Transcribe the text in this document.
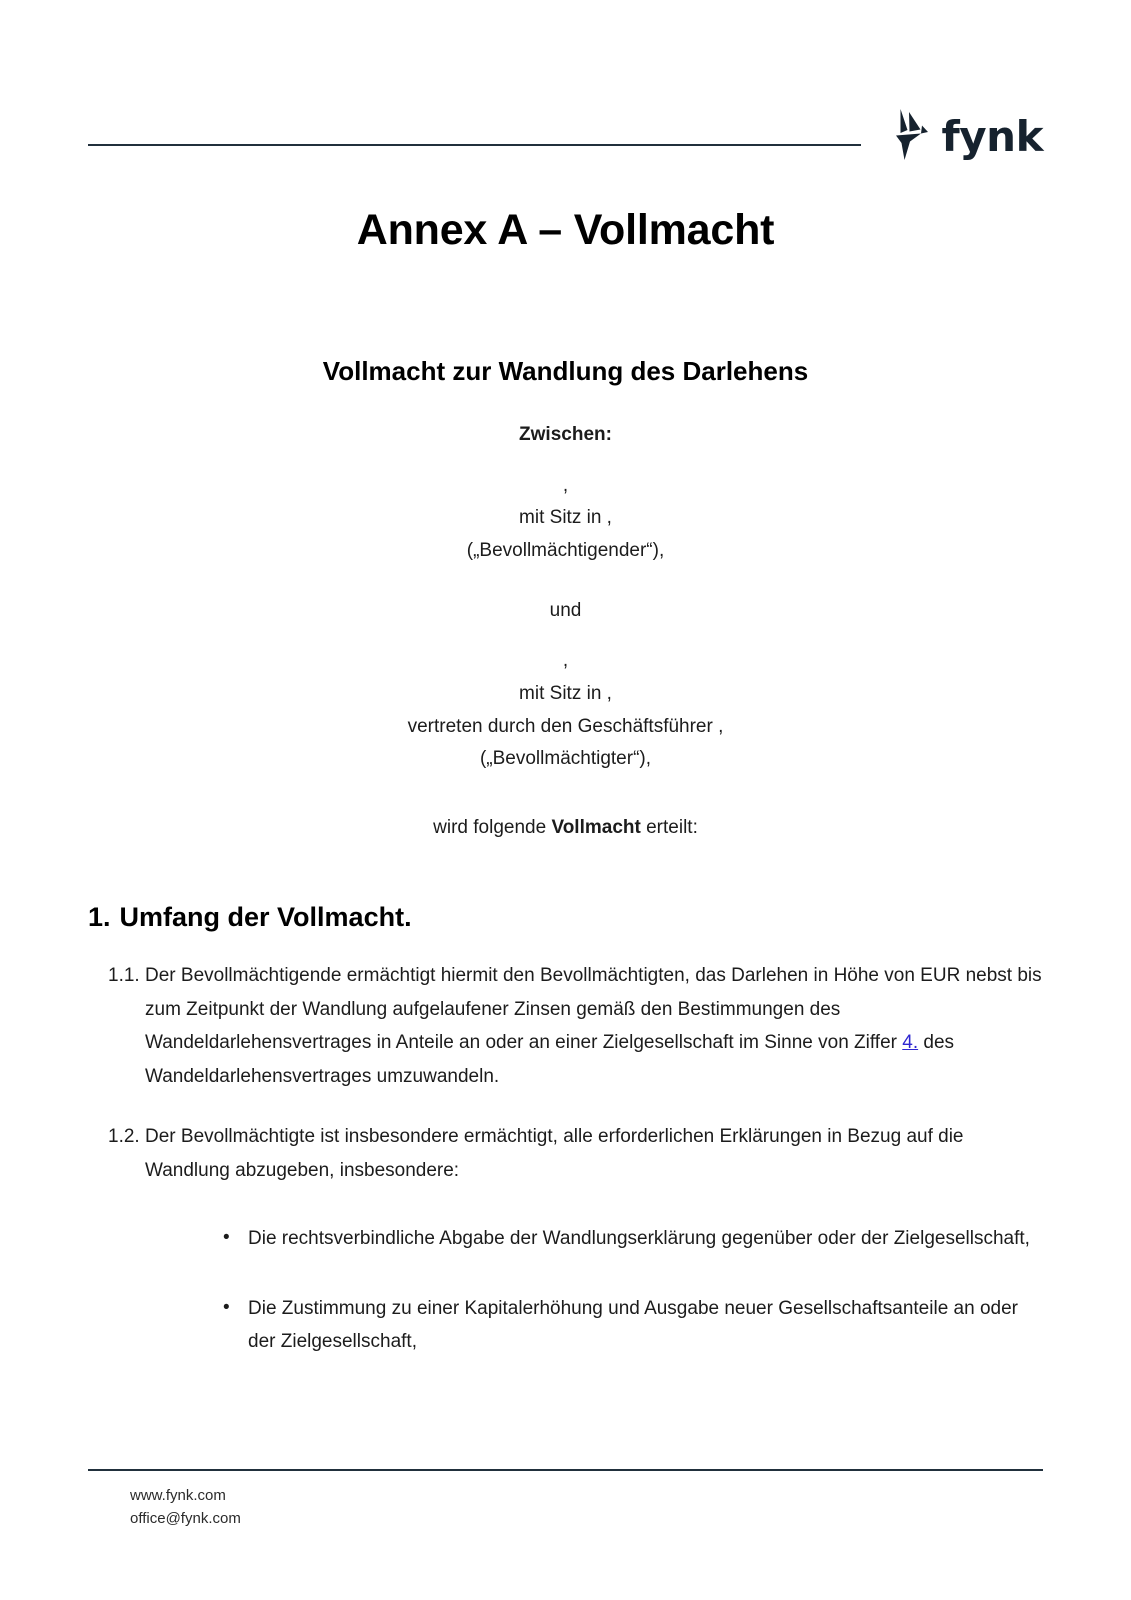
fynk
Annex A – Vollmacht
Vollmacht zur Wandlung des Darlehens
Zwischen:
,
mit Sitz in ,
(„Bevollmächtigender“),
und
,
mit Sitz in ,
vertreten durch den Geschäftsführer ,
(„Bevollmächtigter“),
wird folgende Vollmacht erteilt:
1. Umfang der Vollmacht.
1.1. Der Bevollmächtigende ermächtigt hiermit den Bevollmächtigten, das Darlehen in Höhe von EUR nebst bis zum Zeitpunkt der Wandlung aufgelaufener Zinsen gemäß den Bestimmungen des Wandeldarlehensvertrages in Anteile an oder an einer Zielgesellschaft im Sinne von Ziffer 4. des Wandeldarlehensvertrages umzuwandeln.
1.2. Der Bevollmächtigte ist insbesondere ermächtigt, alle erforderlichen Erklärungen in Bezug auf die Wandlung abzugeben, insbesondere:
• Die rechtsverbindliche Abgabe der Wandlungserklärung gegenüber oder der Zielgesellschaft,
• Die Zustimmung zu einer Kapitalerhöhung und Ausgabe neuer Gesellschaftsanteile an oder der Zielgesellschaft,
www.fynk.com
office@fynk.com
